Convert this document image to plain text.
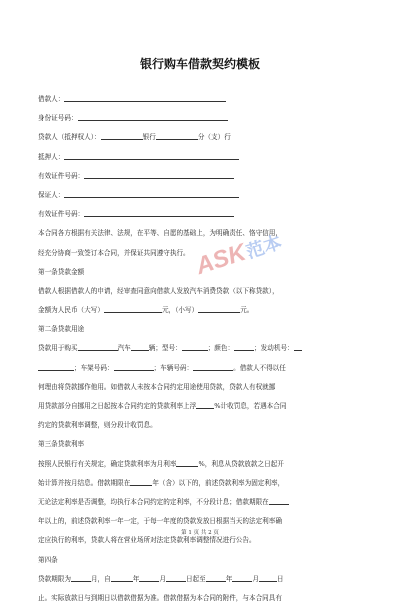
银行购车借款契约模板
借款人：
身份证号码：
贷款人（抵押权人）：	银行	分（支）行
抵押人：
有效证件号码：
保证人：
有效证件号码：
本合同各方根据有关法律、法规，在平等、自愿的基础上，为明确责任、恪守信用，
经充分协商一致签订本合同，并保证共同遵守执行。
第一条贷款金额
借款人根据借款人的申请，经审查同意向借款人发放汽车消费贷款（以下称贷款），
金额为人民币（大写）	元，（小写）	元。
第二条贷款用途
贷款用于购买	汽车	辆；型号：	；颜色：	；发动机号：
；车架号码：	；车辆号码：	。借款人不得以任
何理由将贷款挪作他用。如借款人未按本合同约定用途使用贷款，贷款人有权就挪
用贷款部分自挪用之日起按本合同约定的贷款利率上浮	%计收罚息，若遇本合同
约定的贷款利率调整，则分段计收罚息。
第三条贷款利率
按照人民银行有关规定，确定贷款利率为月利率	%，利息从贷款放款之日起开
始计算并按月结息。借款期限在	年（含）以下的，前述贷款利率为固定利率，
无论法定利率是否调整，均执行本合同约定的定利率，不分段计息；借款期限在
年以上的，前述贷款利率一年一定，于每一年度的贷款发放日根据当天的法定利率确
定应执行的利率，贷款人将在营业场所对法定贷款利率调整情况进行公告。
第四条
贷款期限为	月，自	年	月	日起至	年	月	日
止。实际放款日与到期日以借款借据为准。借款借据为本合同的附件，与本合同具有
ASK
范本
第 1 页 共 2 页
